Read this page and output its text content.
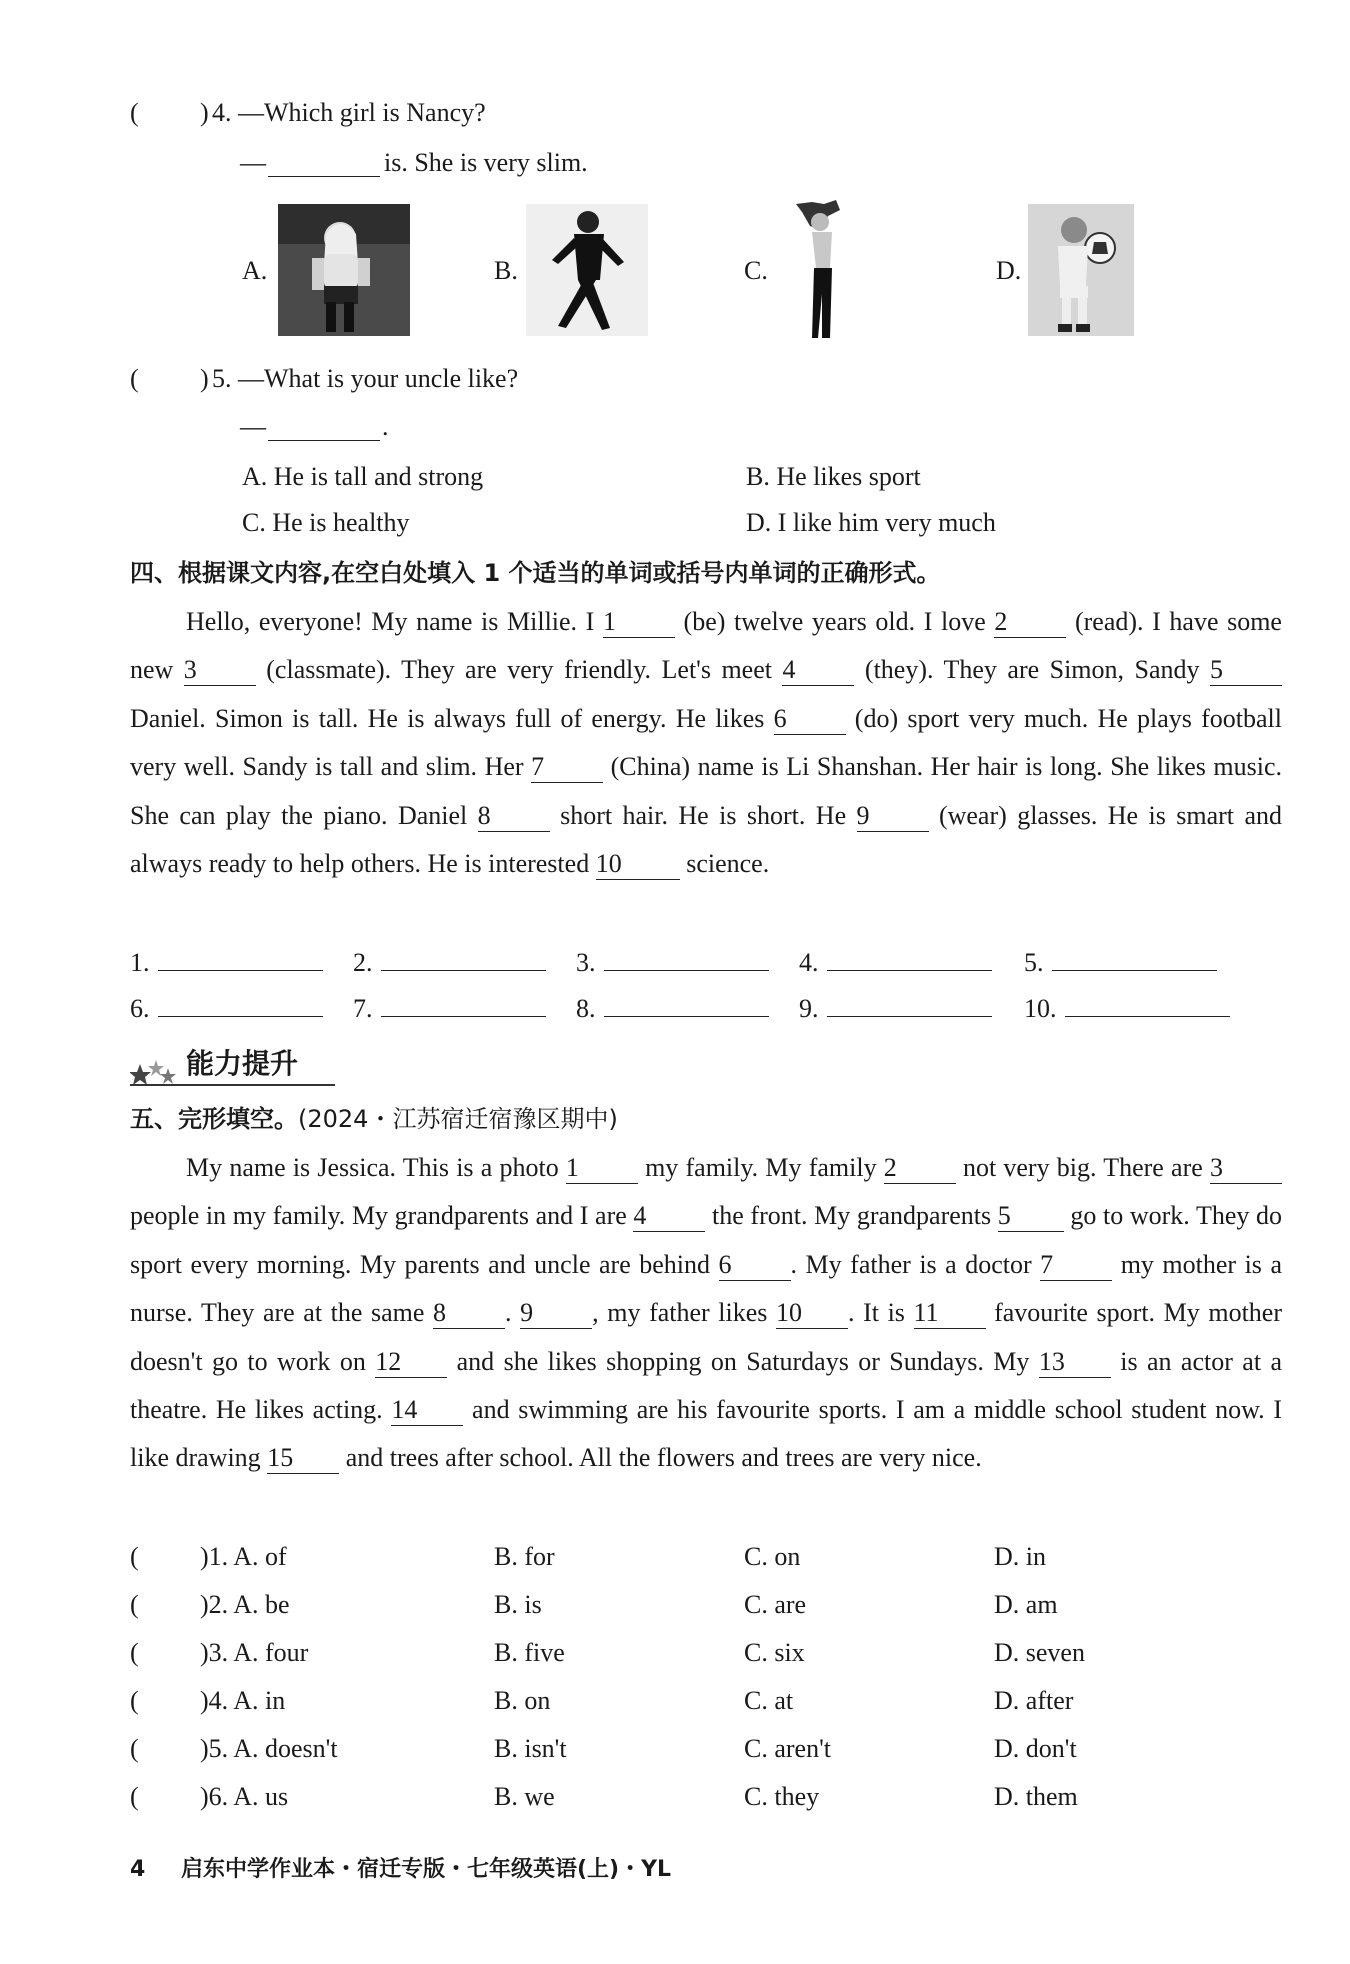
( ) 4. —Which girl is Nancy?
—	is. She is very slim.
A.	B.	C.	D.
( ) 5. —What is your uncle like?
—	.
A. He is tall and strong	B. He likes sport
C. He is healthy	D. I like him very much
四、根据课文内容,在空白处填入 1 个适当的单词或括号内单词的正确形式。
Hello, everyone! My name is Millie. I 1 (be) twelve years old. I love 2 (read). I have some new 3 (classmate). They are very friendly. Let's meet 4 (they). They are Simon, Sandy 5 Daniel. Simon is tall. He is always full of energy. He likes 6 (do) sport very much. He plays football very well. Sandy is tall and slim. Her 7 (China) name is Li Shanshan. Her hair is long. She likes music. She can play the piano. Daniel 8 short hair. He is short. He 9 (wear) glasses. He is smart and always ready to help others. He is interested 10 science.
1.	2.	3.	4.	5.
6.	7.	8.	9.	10.
能力提升
五、完形填空。(2024・江苏宿迁宿豫区期中)
My name is Jessica. This is a photo 1 my family. My family 2 not very big. There are 3 people in my family. My grandparents and I are 4 the front. My grandparents 5 go to work. They do sport every morning. My parents and uncle are behind 6 . My father is a doctor 7 my mother is a nurse. They are at the same 8 . 9 , my father likes 10 . It is 11 favourite sport. My mother doesn't go to work on 12 and she likes shopping on Saturdays or Sundays. My 13 is an actor at a theatre. He likes acting. 14 and swimming are his favourite sports. I am a middle school student now. I like drawing 15 and trees after school. All the flowers and trees are very nice.
( )1. A. of	B. for	C. on	D. in
( )2. A. be	B. is	C. are	D. am
( )3. A. four	B. five	C. six	D. seven
( )4. A. in	B. on	C. at	D. after
( )5. A. doesn't	B. isn't	C. aren't	D. don't
( )6. A. us	B. we	C. they	D. them
4 启东中学作业本・宿迁专版・七年级英语(上)・YL
